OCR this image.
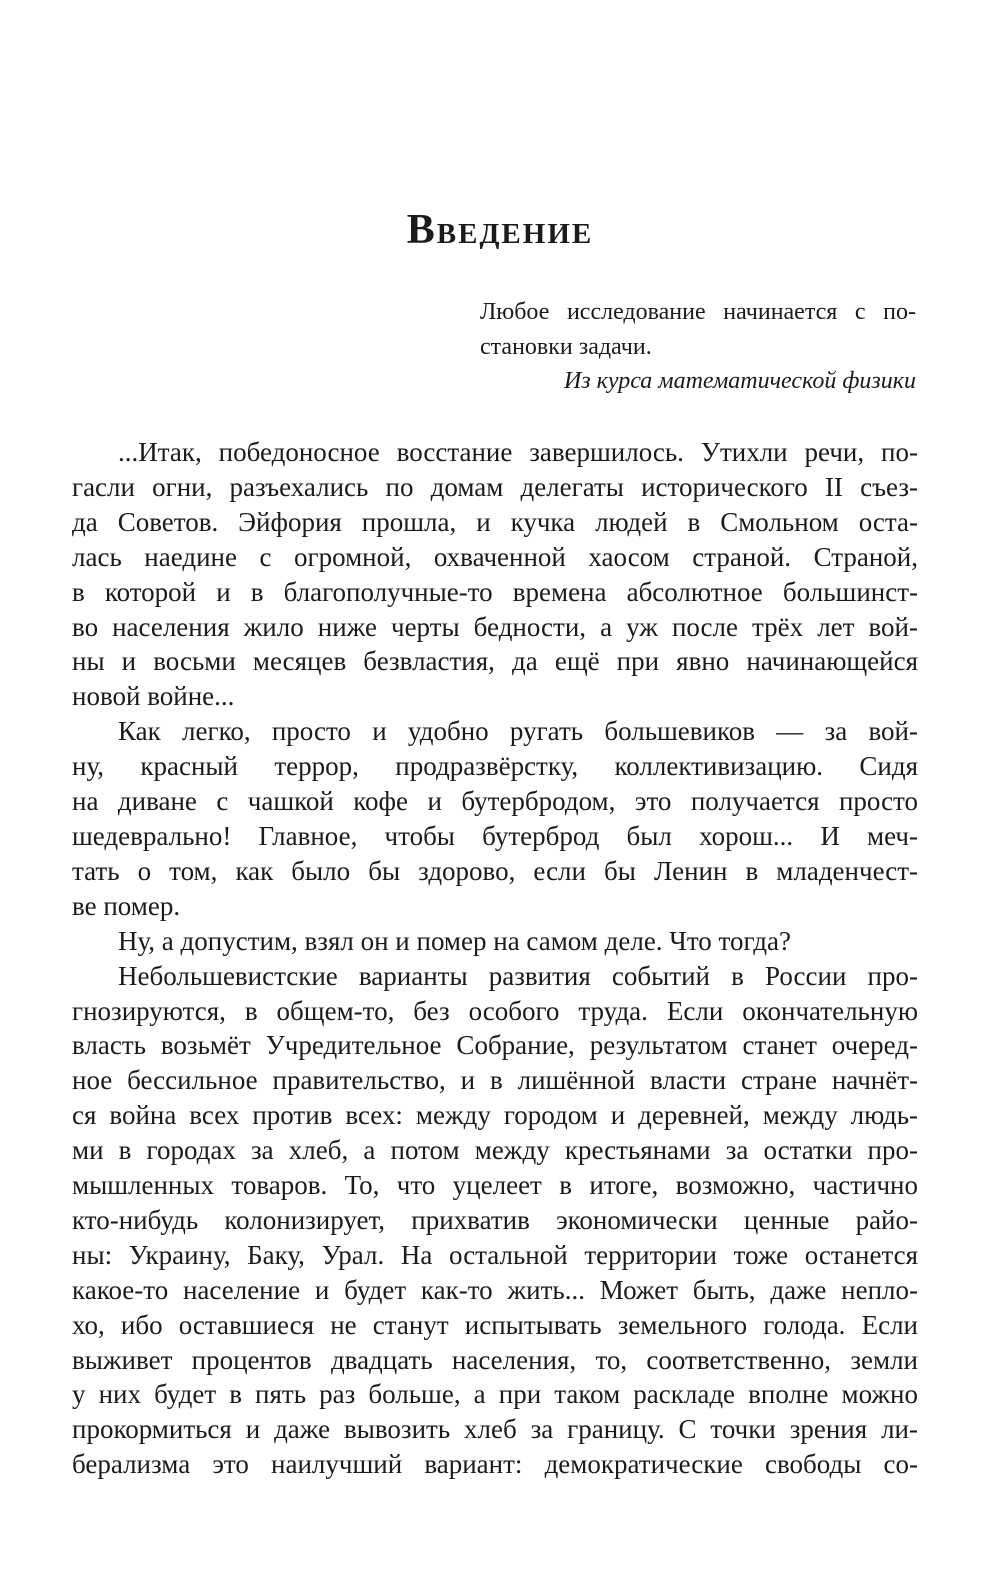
Введение
Любое исследование начинается с по-
становки задачи.
Из курса математической физики
...Итак, победоносное восстание завершилось. Утихли речи, по-
гасли огни, разъехались по домам делегаты исторического II съез-
да Советов. Эйфория прошла, и кучка людей в Смольном оста-
лась наедине с огромной, охваченной хаосом страной. Страной,
в которой и в благополучные-то времена абсолютное большинст-
во населения жило ниже черты бедности, а уж после трёх лет вой-
ны и восьми месяцев безвластия, да ещё при явно начинающейся
новой войне...
Как легко, просто и удобно ругать большевиков — за вой-
ну, красный террор, продразвёрстку, коллективизацию. Сидя
на диване с чашкой кофе и бутербродом, это получается просто
шедеврально! Главное, чтобы бутерброд был хорош... И меч-
тать о том, как было бы здорово, если бы Ленин в младенчест-
ве помер.
Ну, а допустим, взял он и помер на самом деле. Что тогда?
Небольшевистские варианты развития событий в России про-
гнозируются, в общем-то, без особого труда. Если окончательную
власть возьмёт Учредительное Собрание, результатом станет очеред-
ное бессильное правительство, и в лишённой власти стране начнёт-
ся война всех против всех: между городом и деревней, между людь-
ми в городах за хлеб, а потом между крестьянами за остатки про-
мышленных товаров. То, что уцелеет в итоге, возможно, частично
кто-нибудь колонизирует, прихватив экономически ценные райо-
ны: Украину, Баку, Урал. На остальной территории тоже останется
какое-то население и будет как-то жить... Может быть, даже непло-
хо, ибо оставшиеся не станут испытывать земельного голода. Если
выживет процентов двадцать населения, то, соответственно, земли
у них будет в пять раз больше, а при таком раскладе вполне можно
прокормиться и даже вывозить хлеб за границу. С точки зрения ли-
берализма это наилучший вариант: демократические свободы со-
